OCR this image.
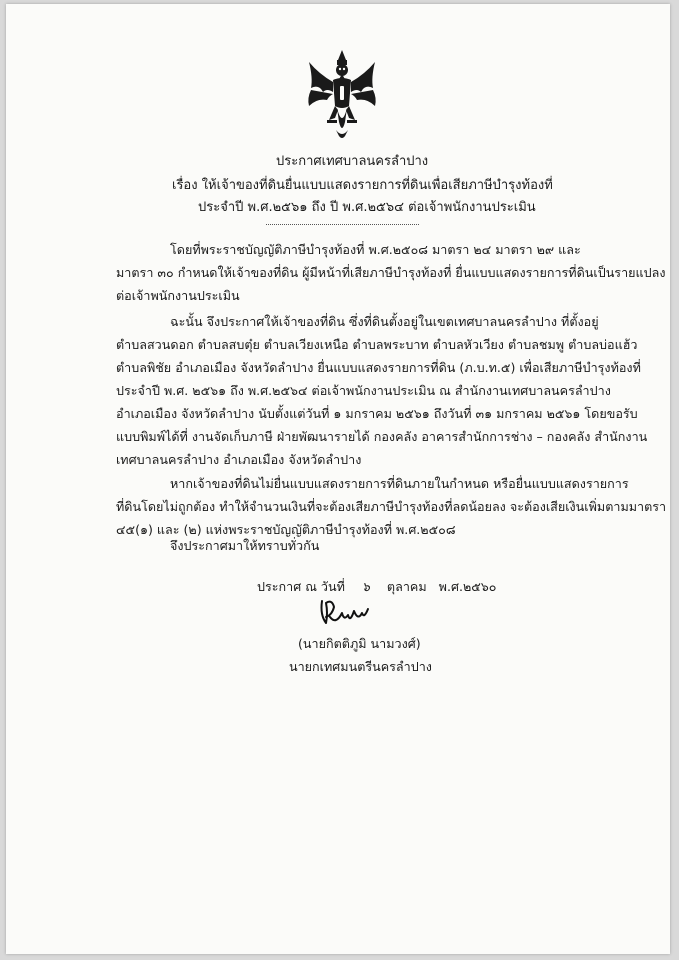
ประกาศเทศบาลนครลำปาง
เรื่อง ให้เจ้าของที่ดินยื่นแบบแสดงรายการที่ดินเพื่อเสียภาษีบำรุงท้องที่
ประจำปี พ.ศ.๒๕๖๑ ถึง ปี พ.ศ.๒๕๖๔ ต่อเจ้าพนักงานประเมิน
โดยที่พระราชบัญญัติภาษีบำรุงท้องที่ พ.ศ.๒๕๐๘ มาตรา ๒๔ มาตรา ๒๙ และ
มาตรา ๓๐ กำหนดให้เจ้าของที่ดิน ผู้มีหน้าที่เสียภาษีบำรุงท้องที่ ยื่นแบบแสดงรายการที่ดินเป็นรายแปลง
ต่อเจ้าพนักงานประเมิน
ฉะนั้น จึงประกาศให้เจ้าของที่ดิน ซึ่งที่ดินตั้งอยู่ในเขตเทศบาลนครลำปาง ที่ตั้งอยู่
ตำบลสวนดอก ตำบลสบตุ๋ย ตำบลเวียงเหนือ ตำบลพระบาท ตำบลหัวเวียง ตำบลชมพู ตำบลบ่อแฮ้ว
ตำบลพิชัย อำเภอเมือง จังหวัดลำปาง ยื่นแบบแสดงรายการที่ดิน (ภ.บ.ท.๕) เพื่อเสียภาษีบำรุงท้องที่
ประจำปี พ.ศ. ๒๕๖๑ ถึง พ.ศ.๒๕๖๔ ต่อเจ้าพนักงานประเมิน ณ สำนักงานเทศบาลนครลำปาง
อำเภอเมือง จังหวัดลำปาง นับตั้งแต่วันที่ ๑ มกราคม ๒๕๖๑ ถึงวันที่ ๓๑ มกราคม ๒๕๖๑ โดยขอรับ
แบบพิมพ์ได้ที่ งานจัดเก็บภาษี ฝ่ายพัฒนารายได้ กองคลัง อาคารสำนักการช่าง – กองคลัง สำนักงาน
เทศบาลนครลำปาง อำเภอเมือง จังหวัดลำปาง
หากเจ้าของที่ดินไม่ยื่นแบบแสดงรายการที่ดินภายในกำหนด หรือยื่นแบบแสดงรายการ
ที่ดินโดยไม่ถูกต้อง ทำให้จำนวนเงินที่จะต้องเสียภาษีบำรุงท้องที่ลดน้อยลง จะต้องเสียเงินเพิ่มตามมาตรา
๔๕(๑) และ (๒) แห่งพระราชบัญญัติภาษีบำรุงท้องที่ พ.ศ.๒๕๐๘
จึงประกาศมาให้ทราบทั่วกัน
ประกาศ ณ วันที่ ๖ ตุลาคม พ.ศ.๒๕๖๐
(นายกิตติภูมิ นามวงศ์)
นายกเทศมนตรีนครลำปาง
